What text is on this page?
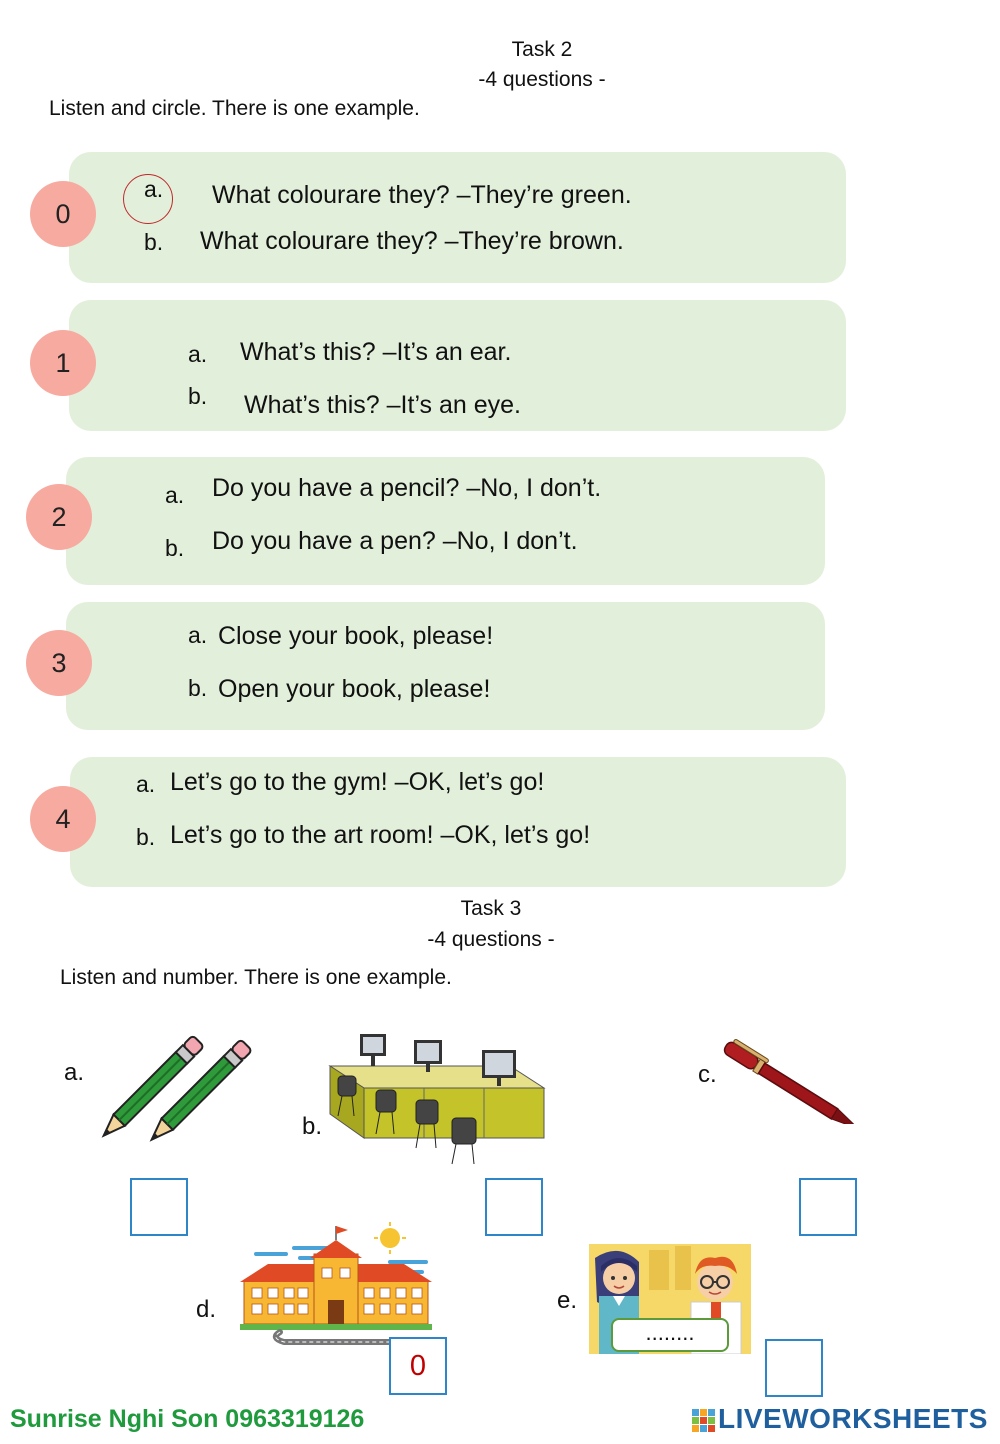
Task 2
-4 questions -
Listen and circle. There is one example.
0
a. What colourare they? –They’re green.
b. What colourare they? –They’re brown.
1	a. What’s this? –It’s an ear.
b. What’s this? –It’s an eye.
2
a. Do you have a pencil? –No, I don’t.
b. Do you have a pen? –No, I don’t.
3
a. Close your book, please!
b. Open your book, please!
4
a. Let’s go to the gym! –OK, let’s go!
b. Let’s go to the art room! –OK, let’s go!
Task 3
-4 questions -
Listen and number. There is one example.
a.
b.
c.
d.
0
e.
........
Sunrise Nghi Son 0963319126	LIVEWORKSHEETS
